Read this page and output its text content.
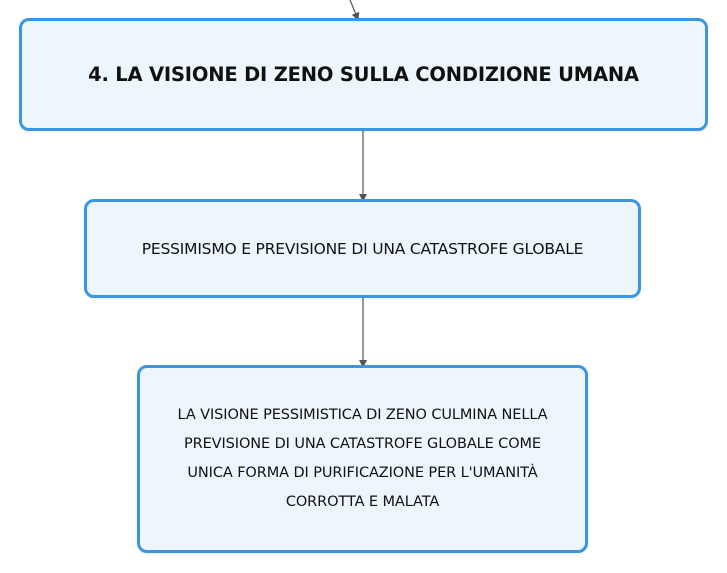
4. LA VISIONE DI ZENO SULLA CONDIZIONE UMANA
PESSIMISMO E PREVISIONE DI UNA CATASTROFE GLOBALE
LA VISIONE PESSIMISTICA DI ZENO CULMINA NELLA
PREVISIONE DI UNA CATASTROFE GLOBALE COME
UNICA FORMA DI PURIFICAZIONE PER L'UMANITÀ
CORROTTA E MALATA
